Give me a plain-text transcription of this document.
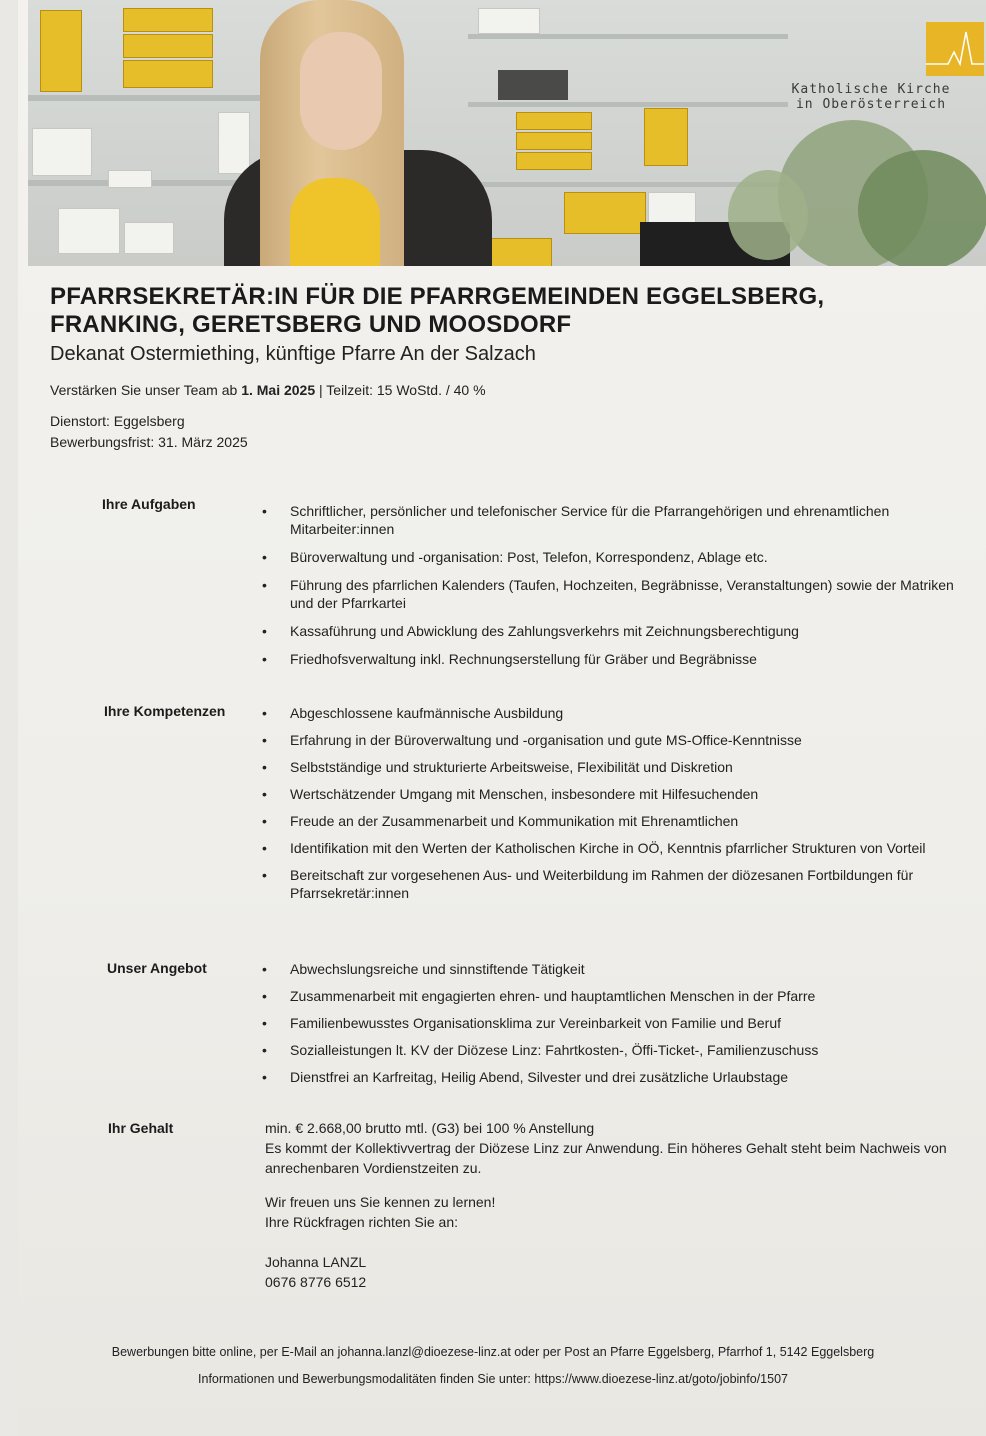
Katholische Kirche
in Oberösterreich
PFARRSEKRETÄR:IN FÜR DIE PFARRGEMEINDEN EGGELSBERG,
FRANKING, GERETSBERG UND MOOSDORF
Dekanat Ostermiething, künftige Pfarre An der Salzach
Verstärken Sie unser Team ab 1. Mai 2025 | Teilzeit: 15 WoStd. / 40 %
Dienstort: Eggelsberg
Bewerbungsfrist: 31. März 2025
Ihre Aufgaben	•	Schriftlicher, persönlicher und telefonischer Service für die Pfarrangehörigen und ehrenamtlichen Mitarbeiter:innen
•	Büroverwaltung und -organisation: Post, Telefon, Korrespondenz, Ablage etc.
•	Führung des pfarrlichen Kalenders (Taufen, Hochzeiten, Begräbnisse, Veranstaltungen) sowie der Matriken und der Pfarrkartei
•	Kassaführung und Abwicklung des Zahlungsverkehrs mit Zeichnungsberechtigung
•	Friedhofsverwaltung inkl. Rechnungserstellung für Gräber und Begräbnisse
Ihre Kompetenzen	•	Abgeschlossene kaufmännische Ausbildung
•	Erfahrung in der Büroverwaltung und -organisation und gute MS-Office-Kenntnisse
•	Selbstständige und strukturierte Arbeitsweise, Flexibilität und Diskretion
•	Wertschätzender Umgang mit Menschen, insbesondere mit Hilfesuchenden
•	Freude an der Zusammenarbeit und Kommunikation mit Ehrenamtlichen
•	Identifikation mit den Werten der Katholischen Kirche in OÖ, Kenntnis pfarrlicher Strukturen von Vorteil
•	Bereitschaft zur vorgesehenen Aus- und Weiterbildung im Rahmen der diözesanen Fortbildungen für Pfarrsekretär:innen
Unser Angebot	•	Abwechslungsreiche und sinnstiftende Tätigkeit
•	Zusammenarbeit mit engagierten ehren- und hauptamtlichen Menschen in der Pfarre
•	Familienbewusstes Organisationsklima zur Vereinbarkeit von Familie und Beruf
•	Sozialleistungen lt. KV der Diözese Linz: Fahrtkosten-, Öffi-Ticket-, Familienzuschuss
•	Dienstfrei an Karfreitag, Heilig Abend, Silvester und drei zusätzliche Urlaubstage
Ihr Gehalt	min. € 2.668,00 brutto mtl. (G3) bei 100 % Anstellung
Es kommt der Kollektivvertrag der Diözese Linz zur Anwendung. Ein höheres Gehalt steht beim Nachweis von anrechenbaren Vordienstzeiten zu.
Wir freuen uns Sie kennen zu lernen!
Ihre Rückfragen richten Sie an:
Johanna LANZL
0676 8776 6512
Bewerbungen bitte online, per E-Mail an johanna.lanzl@dioezese-linz.at oder per Post an Pfarre Eggelsberg, Pfarrhof 1, 5142 Eggelsberg
Informationen und Bewerbungsmodalitäten finden Sie unter: https://www.dioezese-linz.at/goto/jobinfo/1507
